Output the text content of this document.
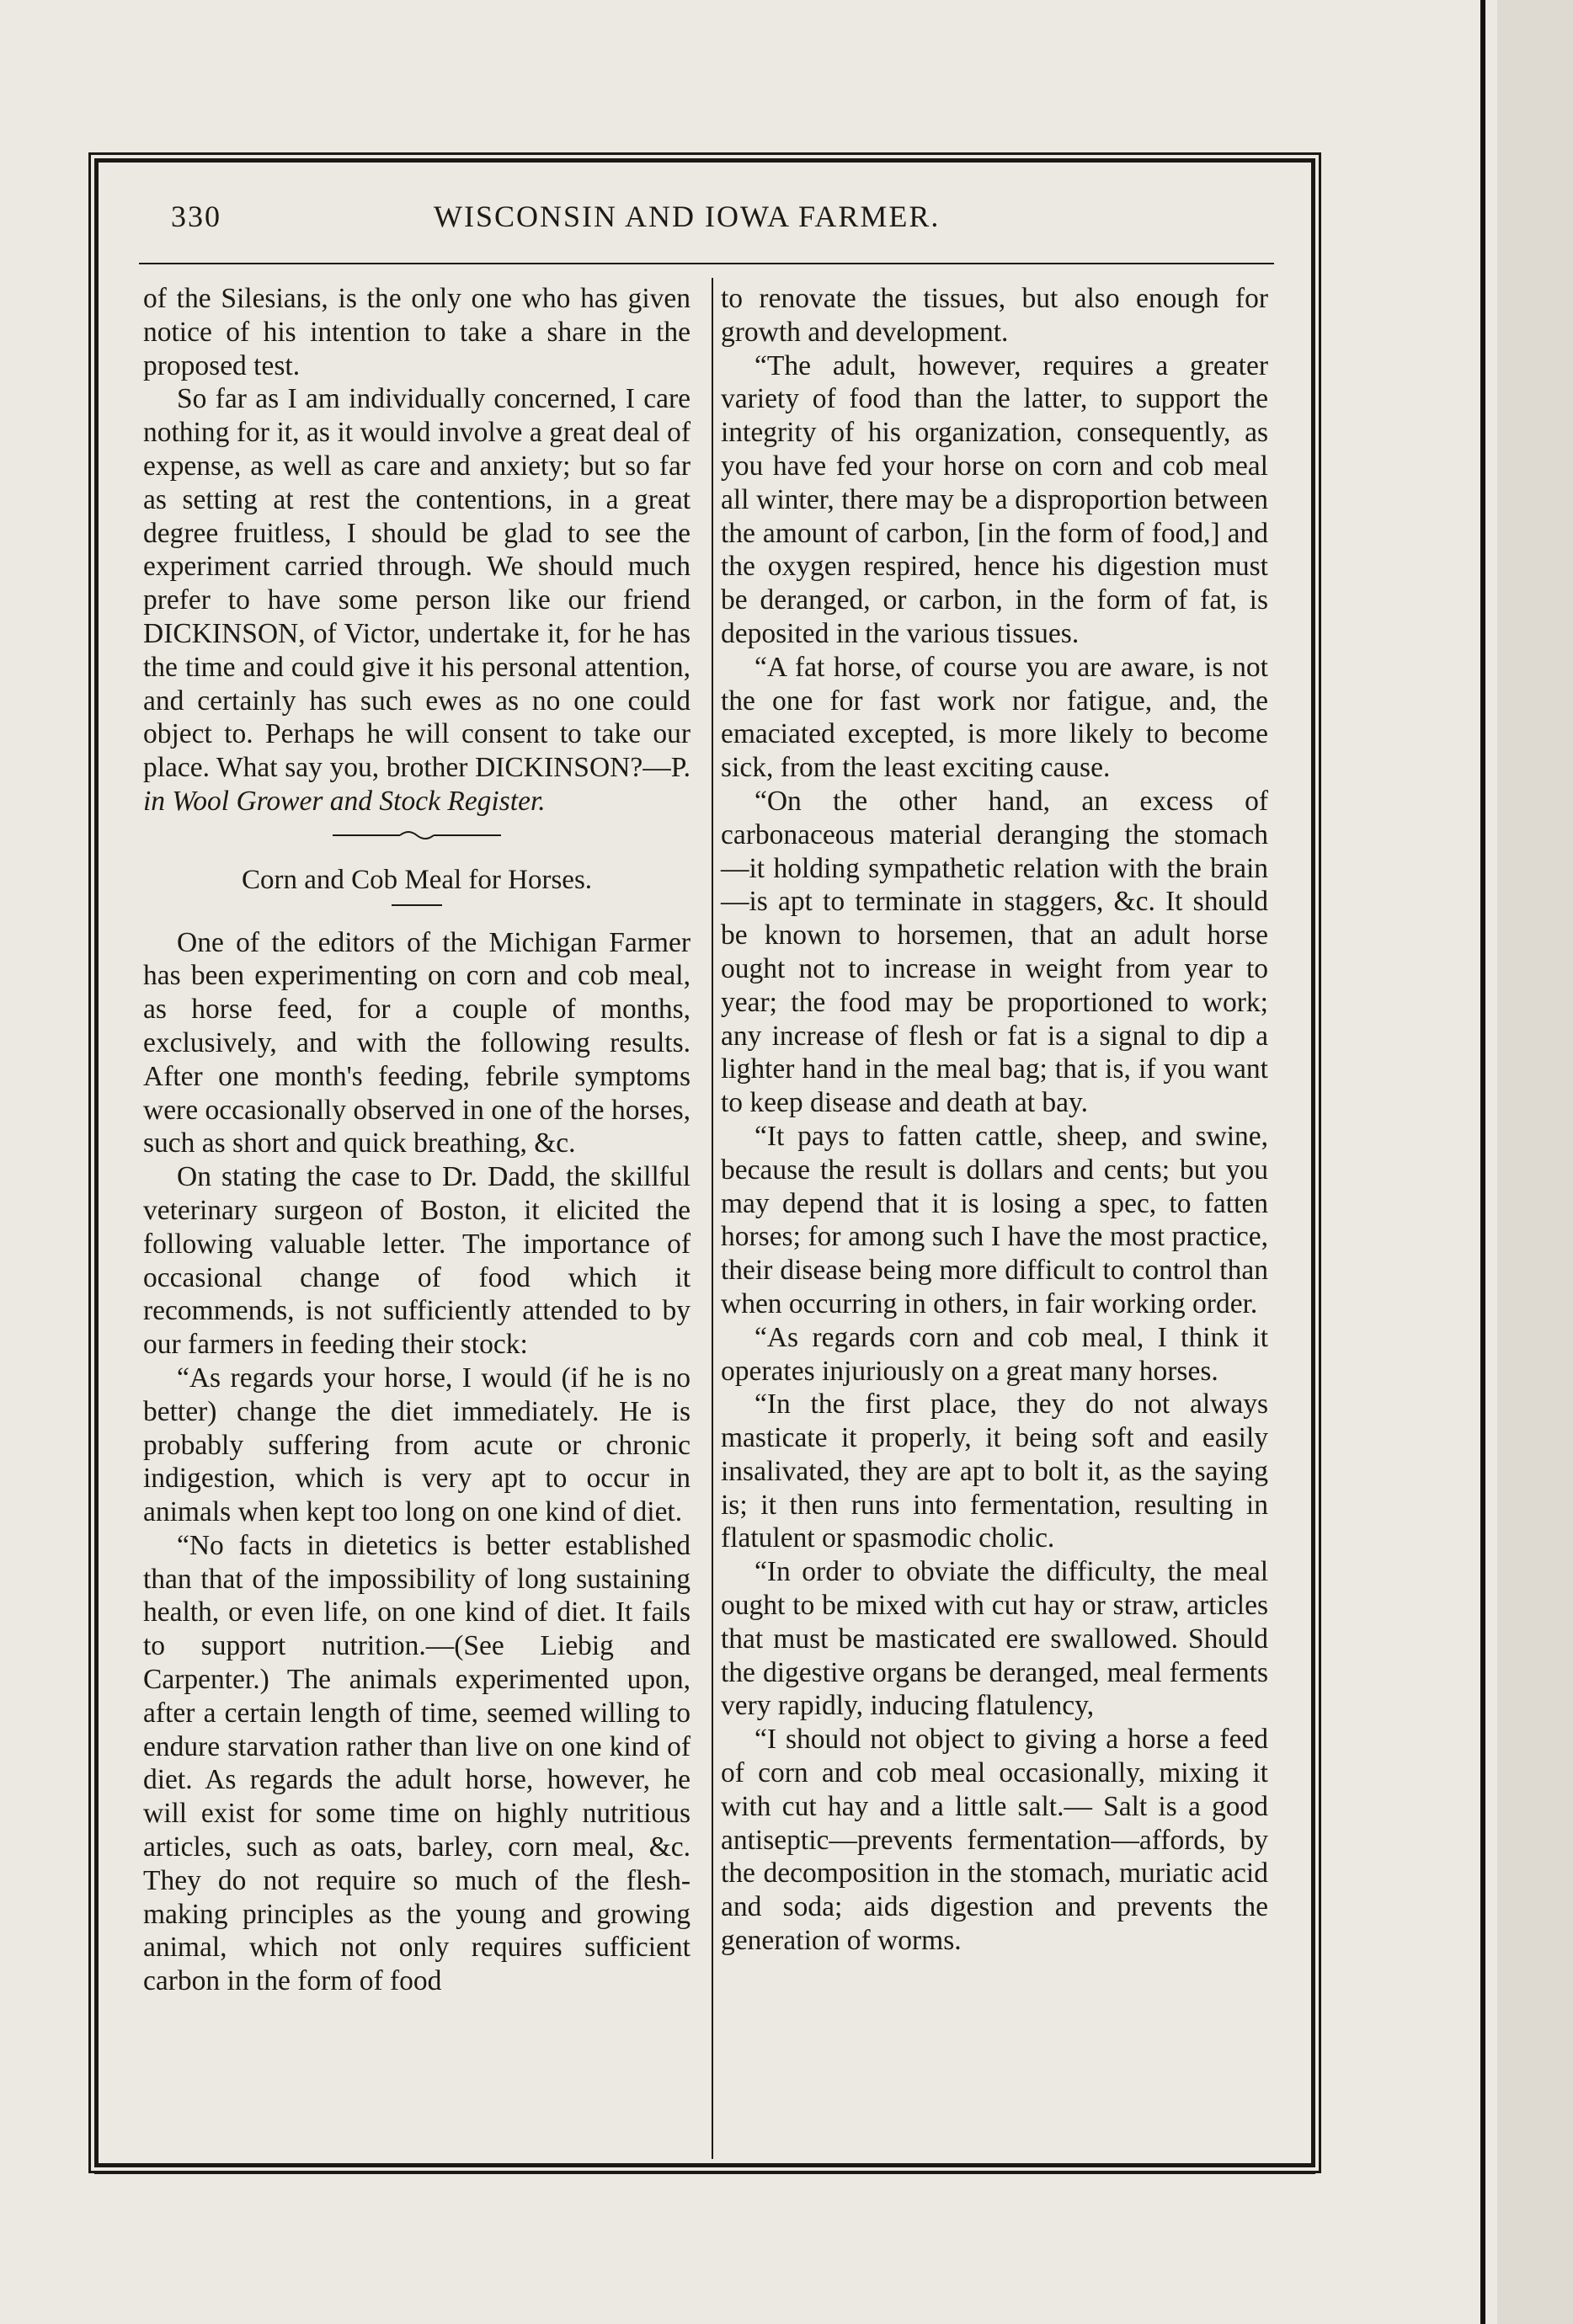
330	WISCONSIN AND IOWA FARMER.

of the Silesians, is the only one who has given notice of his intention to take a share in the proposed test.

So far as I am individually concerned, I care nothing for it, as it would involve a great deal of expense, as well as care and anxiety; but so far as setting at rest the contentions, in a great degree fruitless, I should be glad to see the experiment carried through. We should much prefer to have some person like our friend DICKINSON, of Victor, undertake it, for he has the time and could give it his personal attention, and certainly has such ewes as no one could object to. Perhaps he will consent to take our place. What say you, brother DICKINSON?—P. in Wool Grower and Stock Register.

Corn and Cob Meal for Horses.

One of the editors of the Michigan Farmer has been experimenting on corn and cob meal, as horse feed, for a couple of months, exclusively, and with the following results. After one month's feeding, febrile symptoms were occasionally observed in one of the horses, such as short and quick breathing, &c.

On stating the case to Dr. Dadd, the skillful veterinary surgeon of Boston, it elicited the following valuable letter. The importance of occasional change of food which it recommends, is not sufficiently attended to by our farmers in feeding their stock:

“As regards your horse, I would (if he is no better) change the diet immediately. He is probably suffering from acute or chronic indigestion, which is very apt to occur in animals when kept too long on one kind of diet.

“No facts in dietetics is better established than that of the impossibility of long sustaining health, or even life, on one kind of diet. It fails to support nutrition.—(See Liebig and Carpenter.) The animals experimented upon, after a certain length of time, seemed willing to endure starvation rather than live on one kind of diet. As regards the adult horse, however, he will exist for some time on highly nutritious articles, such as oats, barley, corn meal, &c. They do not require so much of the flesh-making principles as the young and growing animal, which not only requires sufficient carbon in the form of food

to renovate the tissues, but also enough for growth and development.

“The adult, however, requires a greater variety of food than the latter, to support the integrity of his organization, consequently, as you have fed your horse on corn and cob meal all winter, there may be a disproportion between the amount of carbon, [in the form of food,] and the oxygen respired, hence his digestion must be deranged, or carbon, in the form of fat, is deposited in the various tissues.

“A fat horse, of course you are aware, is not the one for fast work nor fatigue, and, the emaciated excepted, is more likely to become sick, from the least exciting cause.

“On the other hand, an excess of carbonaceous material deranging the stomach —it holding sympathetic relation with the brain—is apt to terminate in staggers, &c. It should be known to horsemen, that an adult horse ought not to increase in weight from year to year; the food may be proportioned to work; any increase of flesh or fat is a signal to dip a lighter hand in the meal bag; that is, if you want to keep disease and death at bay.

“It pays to fatten cattle, sheep, and swine, because the result is dollars and cents; but you may depend that it is losing a spec, to fatten horses; for among such I have the most practice, their disease being more difficult to control than when occurring in others, in fair working order.

“As regards corn and cob meal, I think it operates injuriously on a great many horses.

“In the first place, they do not always masticate it properly, it being soft and easily insalivated, they are apt to bolt it, as the saying is; it then runs into fermentation, resulting in flatulent or spasmodic cholic.

“In order to obviate the difficulty, the meal ought to be mixed with cut hay or straw, articles that must be masticated ere swallowed. Should the digestive organs be deranged, meal ferments very rapidly, inducing flatulency,

“I should not object to giving a horse a feed of corn and cob meal occasionally, mixing it with cut hay and a little salt.— Salt is a good antiseptic—prevents fermentation—affords, by the decomposition in the stomach, muriatic acid and soda; aids digestion and prevents the generation of worms.
